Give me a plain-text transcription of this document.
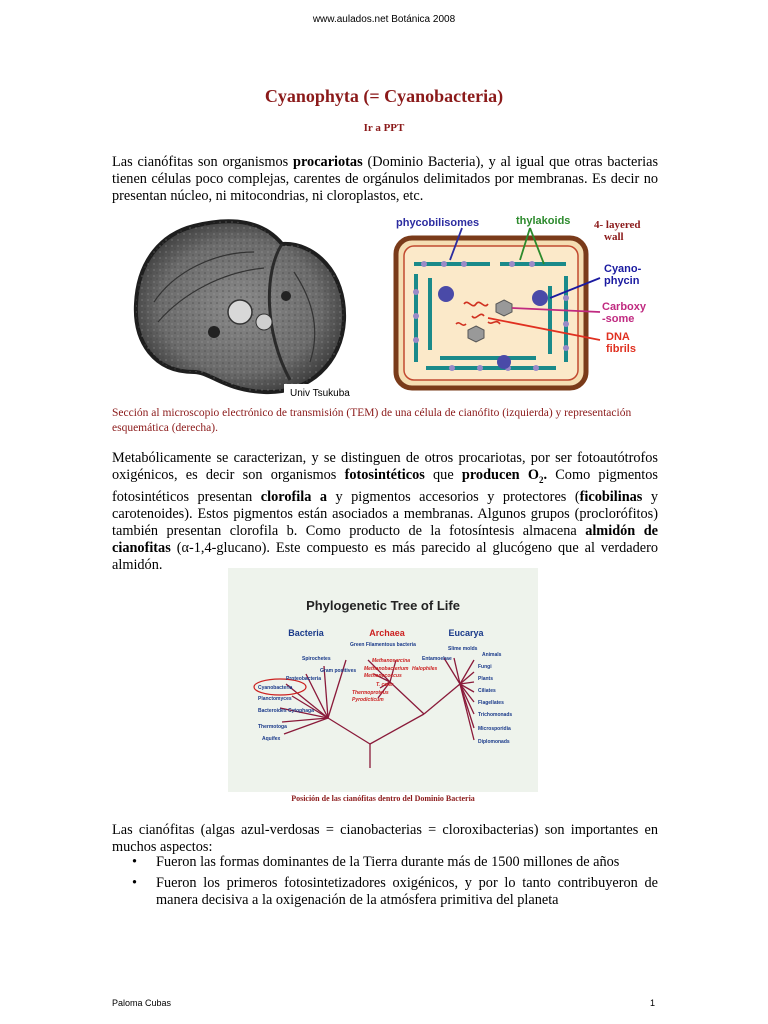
www.aulados.net Botánica 2008
Cyanophyta (= Cyanobacteria)
Ir a PPT

Las cianófitas son organismos procariotas (Dominio Bacteria), y al igual que otras bacterias tienen células poco complejas, carentes de orgánulos delimitados por membranas. Es decir no presentan núcleo, ni mitocondrias, ni cloroplastos, etc.

Univ Tsukuba
phycobilisomes	thylakoids 4- layered
wall
Cyano-
phycin
Carboxy
-some
DNA
fibrils

Sección al microscopio electrónico de transmisión (TEM) de una célula de cianófito (izquierda) y representación esquemática (derecha).

Metabólicamente se caracterizan, y se distinguen de otros procariotas, por ser fotoautótrofos oxigénicos, es decir son organismos fotosintéticos que producen $O_2$. Como pigmentos fotosintéticos presentan clorofila a y pigmentos accesorios y protectores (ficobilinas y carotenoides). Estos pigmentos están asociados a membranas. Algunos grupos (proclorófitos) también presentan clorofila b. Como producto de la fotosíntesis almacena almidón de cianofitas (α-1,4-glucano). Este compuesto es más parecido al glucógeno que al verdadero almidón.

Phylogenetic Tree of Life
Bacteria	Archaea	Eucarya
Green Filamentous bacteria
Spirochetes
Gram positives
Proteobacteria
Cyanobacteria
Planctomyces
Bacteroides Cytophaga
Thermotoga
Aquifex
Methanosarcina
Methanobacterium
Methanococcus
Halophiles
T. celer
Thermoproteus
Pyrodicticum
Entamoebae
Slime molds
Animals
Fungi
Plants
Ciliates
Flagellates
Trichomonads
Microsporidia
Diplomonads

Posición de las cianófitas dentro del Dominio Bacteria

Las cianófitas (algas azul-verdosas = cianobacterias = cloroxibacterias) son importantes en muchos aspectos:

• Fueron las formas dominantes de la Tierra durante más de 1500 millones de años
• Fueron los primeros fotosintetizadores oxigénicos, y por lo tanto contribuyeron de manera decisiva a la oxigenación de la atmósfera primitiva del planeta
Paloma Cubas	1
